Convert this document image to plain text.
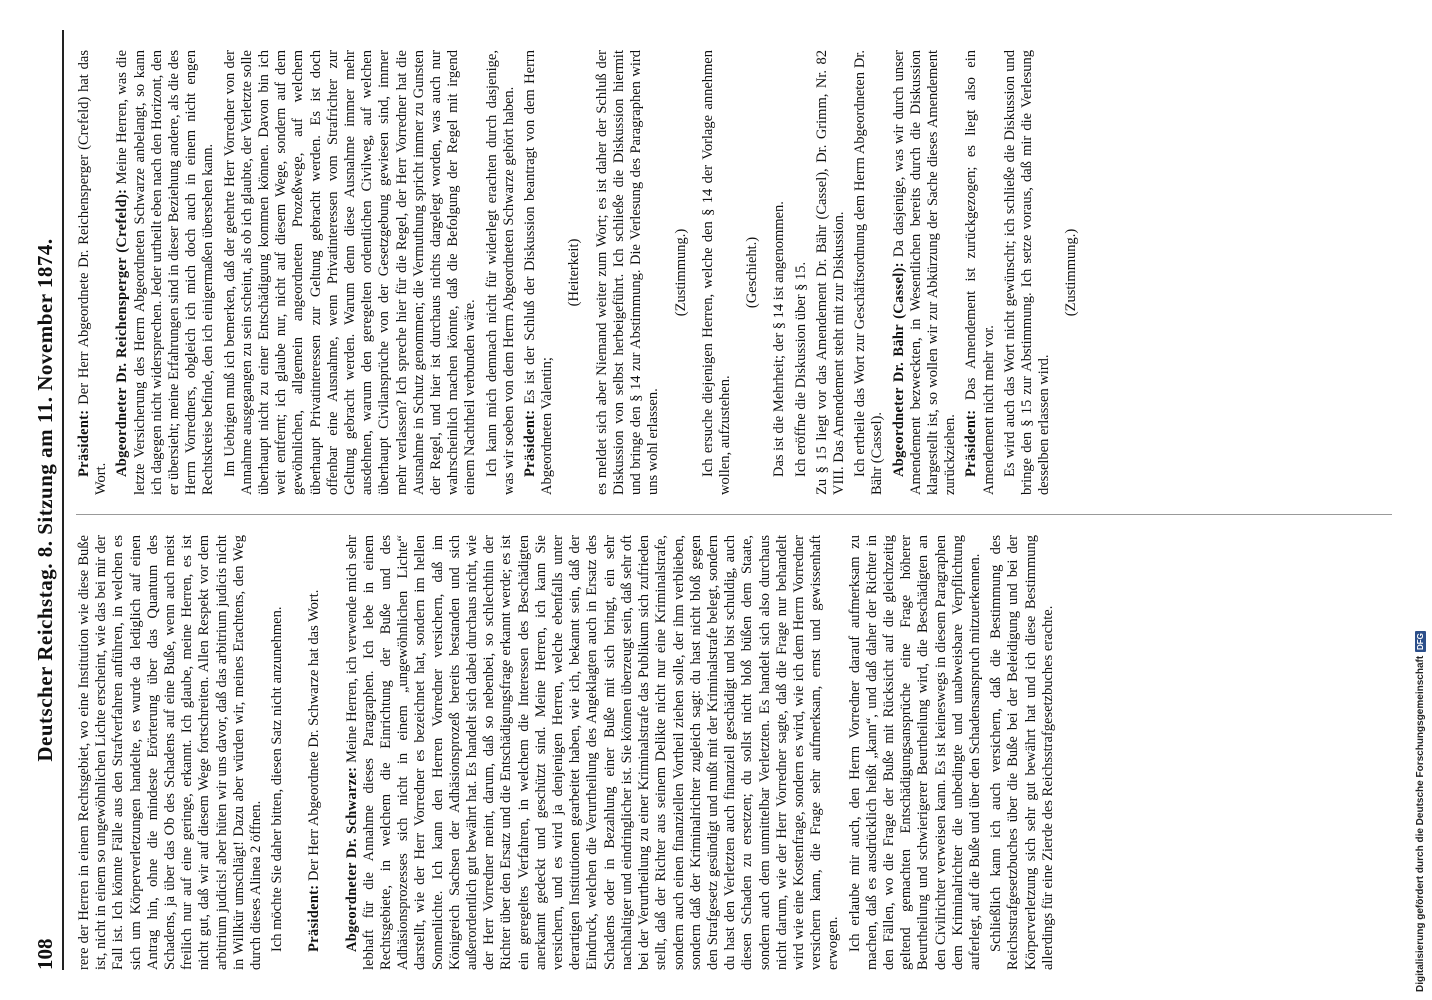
108
Deutscher Reichstag. 8. Sitzung am 11. November 1874. rere der Herren in einem Rechtsgebiet, wo eine Institution wie diese Buße ist, nicht in einem so ungewöhnlichen Lichte erscheint, wie das bei mir der Fall ist. Ich könnte Fälle aus den Strafverfahren anführen, in welchen es sich um Körperverletzungen handelte, es wurde da lediglich auf einen Antrag hin, ohne die mindeste Erörterung über das Quantum des Schadens, ja über das Ob des Schadens auf eine Buße, wenn auch meist freilich nur auf eine geringe, erkannt. Ich glaube, meine Herren, es ist nicht gut, daß wir auf diesem Wege fortschreiten. Allen Respekt vor dem arbitrium judicis! aber hüten wir uns davor, daß das arbitrium judicis nicht in Willkür umschlägt! Dazu aber würden wir, meines Erachtens, den Weg durch dieses Alinea 2 öffnen. Ich möchte Sie daher bitten, diesen Satz nicht anzunehmen. Präsident: Der Herr Abgeordnete Dr. Schwarze hat das Wort. Abgeordneter Dr. Schwarze: Meine Herren, ich verwende mich sehr lebhaft für die Annahme dieses Paragraphen. Ich lebe in einem Rechtsgebiete, in welchem die Einrichtung der Buße und des Adhäsionsprozesses sich nicht in einem „ungewöhnlichen Lichte“ darstellt, wie der Herr Vorredner es bezeichnet hat, sondern im hellen Sonnenlichte. Ich kann den Herren Vorredner versichern, daß im Königreich Sachsen der Adhäsionsprozeß bereits bestanden und sich außerordentlich gut bewährt hat. Es handelt sich dabei durchaus nicht, wie der Herr Vorredner meint, darum, daß so nebenbei, so schlechthin der Richter über den Ersatz und die Entschädigungsfrage erkannt werde; es ist ein geregeltes Verfahren, in welchem die Interessen des Beschädigten anerkannt gedeckt und geschützt sind. Meine Herren, ich kann Sie versichern, und es wird ja denjenigen Herren, welche ebenfalls unter derartigen Institutionen gearbeitet haben, wie ich, bekannt sein, daß der Eindruck, welchen die Verurtheilung des Angeklagten auch in Ersatz des Schadens oder in Bezahlung einer Buße mit sich bringt, ein sehr nachhaltiger und eindringlicher ist. Sie können überzeugt sein, daß sehr oft bei der Verurtheilung zu einer Kriminalstrafe das Publikum sich zufrieden stellt, daß der Richter aus seinem Delikte nicht nur eine Kriminalstrafe, sondern auch einen finanziellen Vortheil ziehen solle, der ihm verblieben, sondern daß der Kriminalrichter zugleich sagt: du hast nicht bloß gegen den Strafgesetz gesündigt und mußt mit der Kriminalstrafe belegt, sondern du hast den Verletzten auch finanziell geschädigt und bist schuldig, auch diesen Schaden zu ersetzen; du sollst nicht bloß büßen dem Staate, sondern auch dem unmittelbar Verletzten. Es handelt sich also durchaus nicht darum, wie der Herr Vorredner sagte, daß die Frage nur behandelt wird wie eine Kostenfrage, sondern es wird, wie ich dem Herrn Vorredner versichern kann, die Frage sehr aufmerksam, ernst und gewissenhaft erwogen. Ich erlaube mir auch, den Herrn Vorredner darauf aufmerksam zu machen, daß es ausdrücklich heißt „kann“, und daß daher der Richter in den Fällen, wo die Frage der Buße mit Rücksicht auf die gleichzeitig geltend gemachten Entschädigungsansprüche eine Frage höherer Beurtheilung und schwierigerer Beurtheilung wird, die Beschädigten an den Civilrichter verweisen kann. Es ist keineswegs in diesem Paragraphen dem Kriminalrichter die unbedingte und unabweisbare Verpflichtung auferlegt, auf die Buße und über den Schadensanspruch mitzuerkennen. Schließlich kann ich auch versichern, daß die Bestimmung des Reichsstrafgesetzbuches über die Buße bei der Beleidigung und bei der Körperverletzung sich sehr gut bewährt hat und ich diese Bestimmung allerdings für eine Zierde des Reichsstrafgesetzbuches erachte.

Präsident: Der Herr Abgeordnete Dr. Reichensperger (Crefeld) hat das Wort.

Abgeordneter Dr. Reichensperger (Crefeld): Meine Herren, was die letzte Versicherung des Herrn Abgeordneten Schwarze anbelangt, so kann ich dagegen nicht widersprechen. Jeder urtheilt eben nach den Horizont, den er übersieht; meine Erfahrungen sind in dieser Beziehung andere, als die des Herrn Vorredners, obgleich ich mich doch auch in einem nicht engen Rechtskreise befinde, den ich einigermaßen übersehen kann. Im Uebrigen muß ich bemerken, daß der geehrte Herr Vorredner von der Annahme ausgegangen zu sein scheint, als ob ich glaubte, der Verletzte solle überhaupt nicht zu einer Entschädigung kommen können. Davon bin ich weit entfernt; ich glaube nur, nicht auf diesem Wege, sondern auf dem gewöhnlichen, allgemein angeordneten Prozeßwege, auf welchem überhaupt Privatinteressen zur Geltung gebracht werden. Es ist doch offenbar eine Ausnahme, wenn Privatinteressen vom Strafrichter zur Geltung gebracht werden. Warum denn diese Ausnahme immer mehr ausdehnen, warum den geregelten ordentlichen Civilweg, auf welchen überhaupt Civilansprüche von der Gesetzgebung gewiesen sind, immer mehr verlassen? Ich spreche hier für die Regel, der Herr Vorredner hat die Ausnahme in Schutz genommen; die Vermuthung spricht immer zu Gunsten der Regel, und hier ist durchaus nichts dargelegt worden, was auch nur wahrscheinlich machen könnte, daß die Befolgung der Regel mit irgend einem Nachtheil verbunden wäre. Ich kann mich demnach nicht für widerlegt erachten durch dasjenige, was wir soeben von dem Herrn Abgeordneten Schwarze gehört haben. Präsident: Es ist der Schluß der Diskussion beantragt von dem Herrn Abgeordneten Valentin;

(Heiterkeit) es meldet sich aber Niemand weiter zum Wort; es ist daher der Schluß der Diskussion von selbst herbeigeführt. Ich schließe die Diskussion hiermit und bringe den § 14 zur Abstimmung. Die Verlesung des Paragraphen wird uns wohl erlassen.

(Zustimmung.) Ich ersuche diejenigen Herren, welche den § 14 der Vorlage annehmen wollen, aufzustehen.

(Geschieht.) Das ist die Mehrheit; der § 14 ist angenommen. Ich eröffne die Diskussion über § 15. Zu § 15 liegt vor das Amendement Dr. Bähr (Cassel), Dr. Grimm, Nr. 82 VIII. Das Amendement steht mit zur Diskussion. Ich ertheile das Wort zur Geschäftsordnung dem Herrn Abgeordneten Dr. Bähr (Cassel). Abgeordneter Dr. Bähr (Cassel): Da dasjenige, was wir durch unser Amendement bezweckten, in Wesentlichen bereits durch die Diskussion klargestellt ist, so wollen wir zur Abkürzung der Sache dieses Amendement zurückziehen. Präsident: Das Amendement ist zurückgezogen; es liegt also ein Amendement nicht mehr vor. Es wird auch das Wort nicht gewünscht; ich schließe die Diskussion und bringe den § 15 zur Abstimmung. Ich setze voraus, daß mir die Verlesung desselben erlassen wird.

(Zustimmung.)

Digitalisierung gefördert durch die Deutsche Forschungsgemeinschaft
DFG
